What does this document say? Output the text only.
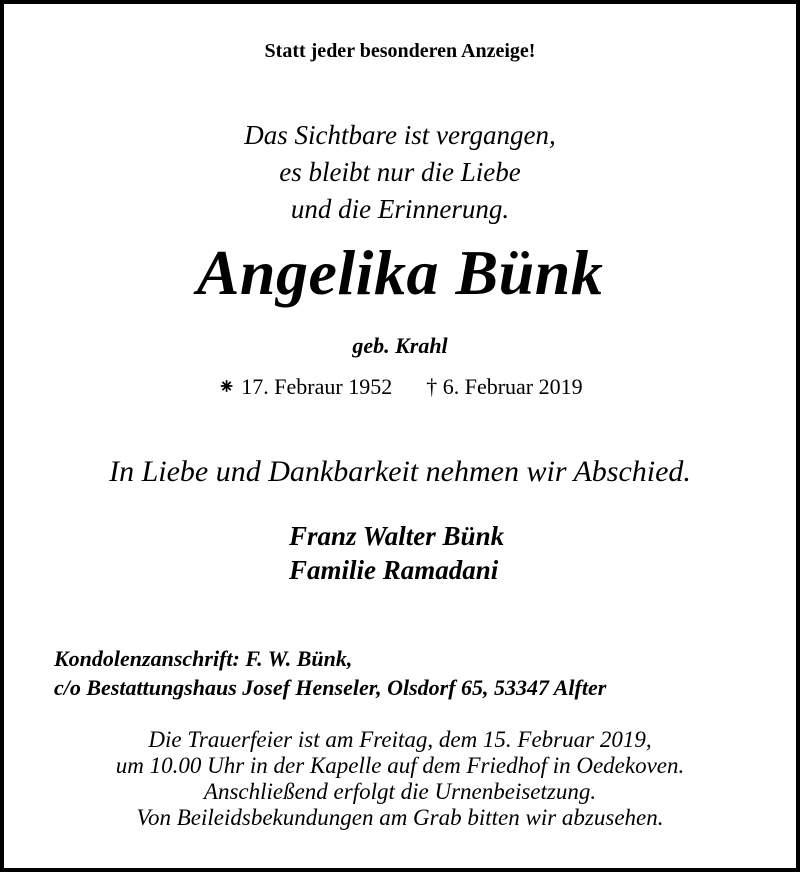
Statt jeder besonderen Anzeige!
Das Sichtbare ist vergangen,
es bleibt nur die Liebe
und die Erinnerung.
Angelika Bünk
geb. Krahl
⁕ 17. Febraur 1952 † 6. Februar 2019
In Liebe und Dankbarkeit nehmen wir Abschied.
Franz Walter Bünk
Familie Ramadani
Kondolenzanschrift: F. W. Bünk,
c/o Bestattungshaus Josef Henseler, Olsdorf 65, 53347 Alfter
Die Trauerfeier ist am Freitag, dem 15. Februar 2019,
um 10.00 Uhr in der Kapelle auf dem Friedhof in Oedekoven.
Anschließend erfolgt die Urnenbeisetzung.
Von Beileidsbekundungen am Grab bitten wir abzusehen.
